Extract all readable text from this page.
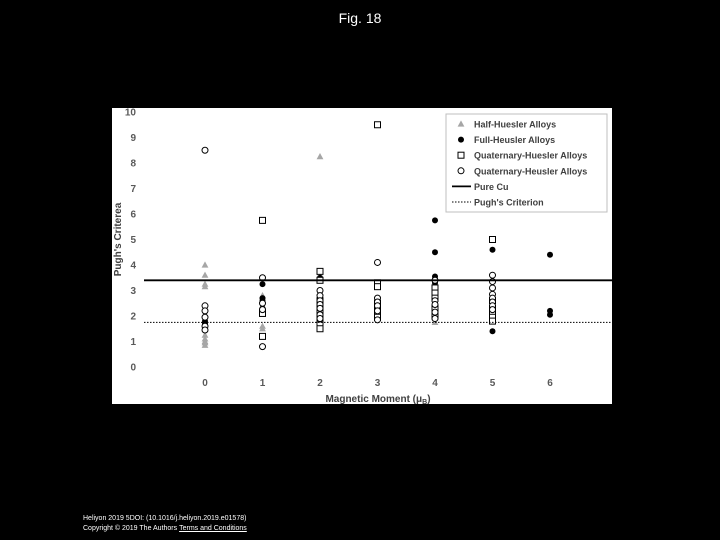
Fig. 18
0
1
2
3
4
5
6
7
8
9
10
0	1	2	3	4	5	6
Magnetic Moment $(\mu_B)$
Pugh's Criterea
Half-Huesler Alloys
Full-Heusler Alloys
Quaternary-Huesler Alloys
Quaternary-Heusler Alloys
Pure Cu
Pugh's Criterion
Heliyon 2019 5DOI: (10.1016/j.heliyon.2019.e01578)
Copyright © 2019 The Authors Terms and Conditions
